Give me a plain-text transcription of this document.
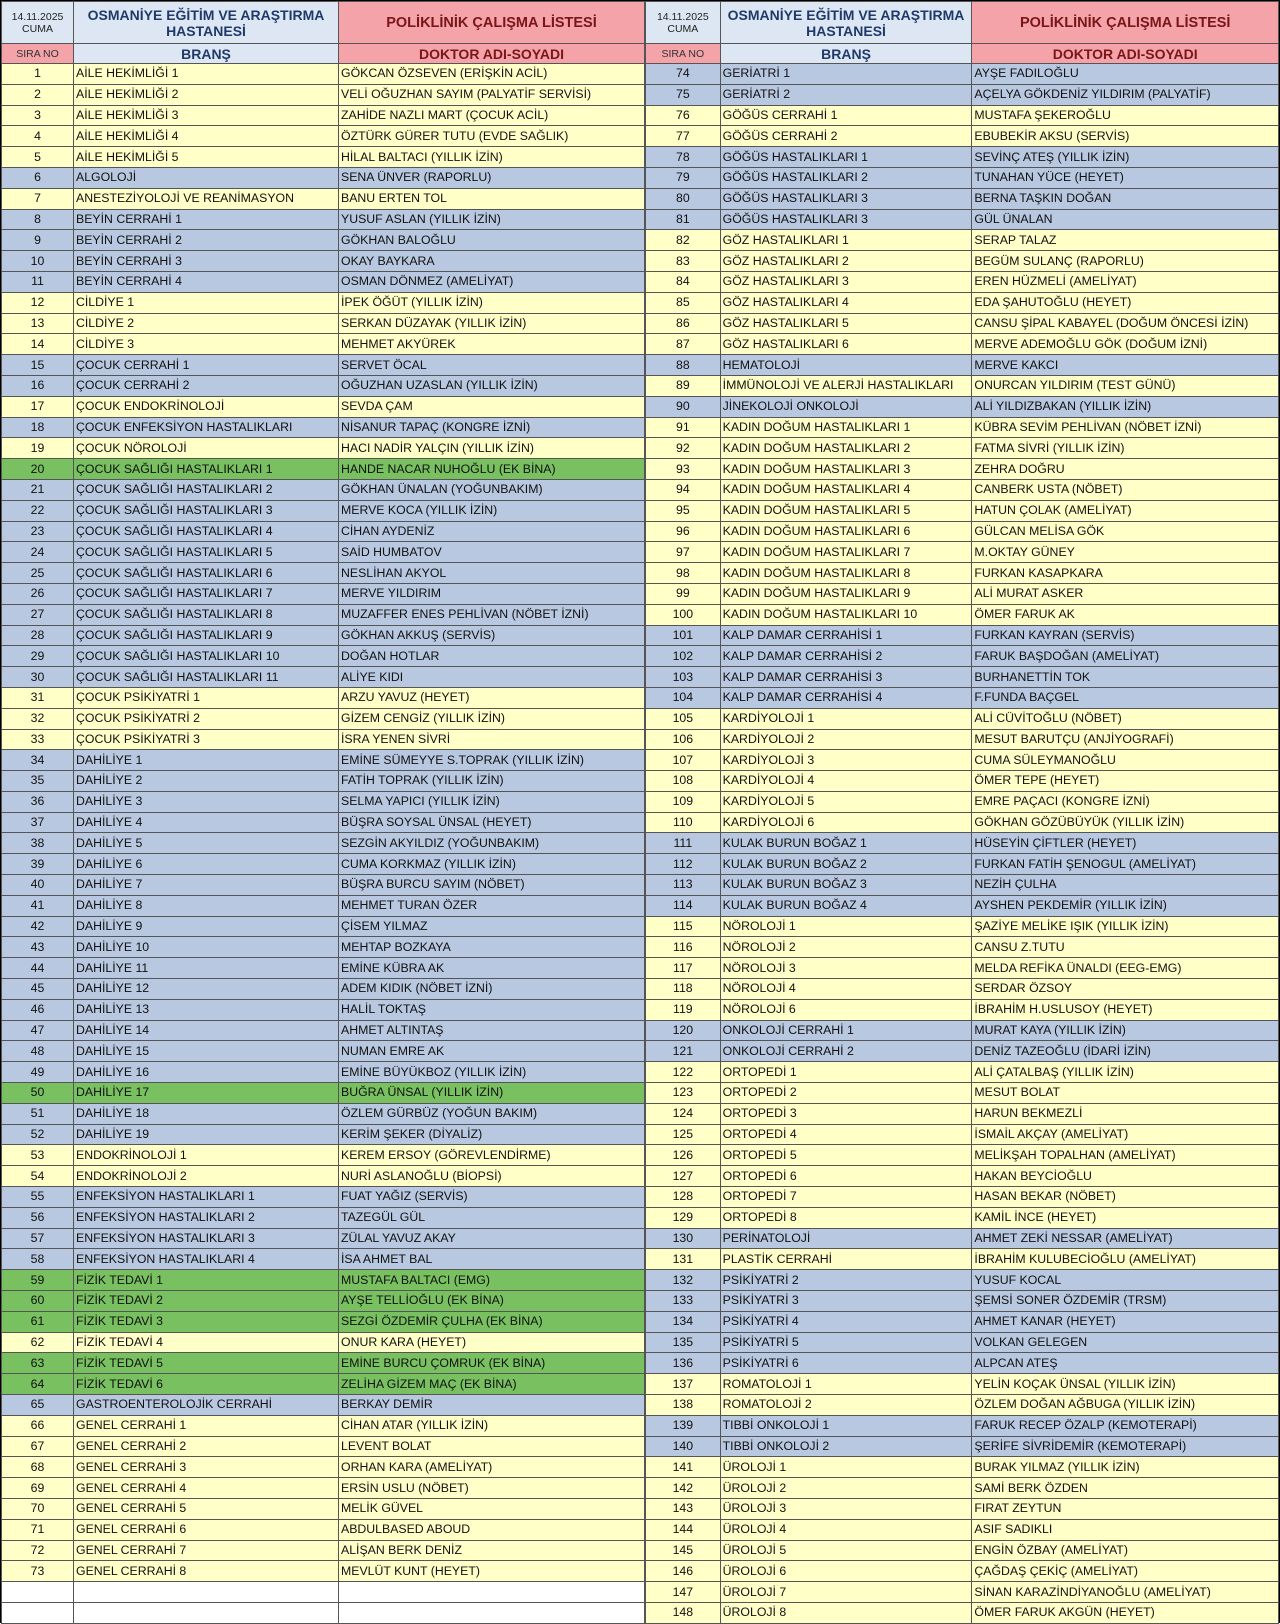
14.11.2025
CUMA	OSMANİYE EĞİTİM VE ARAŞTIRMA HASTANESİ	POLİKLİNİK ÇALIŞMA LİSTESİ
SIRA NO	BRANŞ	DOKTOR ADI-SOYADI
1	AİLE HEKİMLİĞİ 1	GÖKCAN ÖZSEVEN (ERİŞKİN ACİL)
2	AİLE HEKİMLİĞİ 2	VELİ OĞUZHAN SAYIM (PALYATİF SERVİSİ)
3	AİLE HEKİMLİĞİ 3	ZAHİDE NAZLI MART (ÇOCUK ACİL)
4	AİLE HEKİMLİĞİ 4	ÖZTÜRK GÜRER TUTU (EVDE SAĞLIK)
5	AİLE HEKİMLİĞİ 5	HİLAL BALTACI (YILLIK İZİN)
6	ALGOLOJİ	SENA ÜNVER (RAPORLU)
7	ANESTEZİYOLOJİ VE REANİMASYON	BANU ERTEN TOL
8	BEYİN CERRAHİ 1	YUSUF ASLAN (YILLIK İZİN)
9	BEYİN CERRAHİ 2	GÖKHAN BALOĞLU
10	BEYİN CERRAHİ 3	OKAY BAYKARA
11	BEYİN CERRAHİ 4	OSMAN DÖNMEZ (AMELİYAT)
12	CİLDİYE 1	İPEK ÖĞÜT (YILLIK İZİN)
13	CİLDİYE 2	SERKAN DÜZAYAK (YILLIK İZİN)
14	CİLDİYE 3	MEHMET AKYÜREK
15	ÇOCUK CERRAHİ 1	SERVET ÖCAL
16	ÇOCUK CERRAHİ 2	OĞUZHAN UZASLAN (YILLIK İZİN)
17	ÇOCUK ENDOKRİNOLOJİ	SEVDA ÇAM
18	ÇOCUK ENFEKSİYON HASTALIKLARI	NİSANUR TAPAÇ (KONGRE İZNİ)
19	ÇOCUK NÖROLOJİ	HACI NADİR YALÇIN (YILLIK İZİN)
20	ÇOCUK SAĞLIĞI HASTALIKLARI 1	HANDE NACAR NUHOĞLU (EK BİNA)
21	ÇOCUK SAĞLIĞI HASTALIKLARI 2	GÖKHAN ÜNALAN (YOĞUNBAKIM)
22	ÇOCUK SAĞLIĞI HASTALIKLARI 3	MERVE KOCA (YILLIK İZİN)
23	ÇOCUK SAĞLIĞI HASTALIKLARI 4	CİHAN AYDENİZ
24	ÇOCUK SAĞLIĞI HASTALIKLARI 5	SAİD HUMBATOV
25	ÇOCUK SAĞLIĞI HASTALIKLARI 6	NESLİHAN AKYOL
26	ÇOCUK SAĞLIĞI HASTALIKLARI 7	MERVE YILDIRIM
27	ÇOCUK SAĞLIĞI HASTALIKLARI 8	MUZAFFER ENES PEHLİVAN (NÖBET İZNİ)
28	ÇOCUK SAĞLIĞI HASTALIKLARI 9	GÖKHAN AKKUŞ (SERVİS)
29	ÇOCUK SAĞLIĞI HASTALIKLARI 10	DOĞAN HOTLAR
30	ÇOCUK SAĞLIĞI HASTALIKLARI 11	ALİYE KIDI
31	ÇOCUK PSİKİYATRİ 1	ARZU YAVUZ (HEYET)
32	ÇOCUK PSİKİYATRİ 2	GİZEM CENGİZ (YILLIK İZİN)
33	ÇOCUK PSİKİYATRİ 3	İSRA YENEN SİVRİ
34	DAHİLİYE 1	EMİNE SÜMEYYE S.TOPRAK (YILLIK İZİN)
35	DAHİLİYE 2	FATİH TOPRAK (YILLIK İZİN)
36	DAHİLİYE 3	SELMA YAPICI (YILLIK İZİN)
37	DAHİLİYE 4	BÜŞRA SOYSAL ÜNSAL (HEYET)
38	DAHİLİYE 5	SEZGİN AKYILDIZ (YOĞUNBAKIM)
39	DAHİLİYE 6	CUMA KORKMAZ (YILLIK İZİN)
40	DAHİLİYE 7	BÜŞRA BURCU SAYIM (NÖBET)
41	DAHİLİYE 8	MEHMET TURAN ÖZER
42	DAHİLİYE 9	ÇİSEM YILMAZ
43	DAHİLİYE 10	MEHTAP BOZKAYA
44	DAHİLİYE 11	EMİNE KÜBRA AK
45	DAHİLİYE 12	ADEM KIDIK (NÖBET İZNİ)
46	DAHİLİYE 13	HALİL TOKTAŞ
47	DAHİLİYE 14	AHMET ALTINTAŞ
48	DAHİLİYE 15	NUMAN EMRE AK
49	DAHİLİYE 16	EMİNE BÜYÜKBOZ (YILLIK İZİN)
50	DAHİLİYE 17	BUĞRA ÜNSAL (YILLIK İZİN)
51	DAHİLİYE 18	ÖZLEM GÜRBÜZ (YOĞUN BAKIM)
52	DAHİLİYE 19	KERİM ŞEKER (DİYALİZ)
53	ENDOKRİNOLOJİ 1	KEREM ERSOY (GÖREVLENDİRME)
54	ENDOKRİNOLOJİ 2	NURİ ASLANOĞLU (BİOPSİ)
55	ENFEKSİYON HASTALIKLARI 1	FUAT YAĞIZ (SERVİS)
56	ENFEKSİYON HASTALIKLARI 2	TAZEGÜL GÜL
57	ENFEKSİYON HASTALIKLARI 3	ZÜLAL YAVUZ AKAY
58	ENFEKSİYON HASTALIKLARI 4	İSA AHMET BAL
59	FİZİK TEDAVİ 1	MUSTAFA BALTACI (EMG)
60	FİZİK TEDAVİ 2	AYŞE TELLİOĞLU (EK BİNA)
61	FİZİK TEDAVİ 3	SEZGİ ÖZDEMİR ÇULHA (EK BİNA)
62	FİZİK TEDAVİ 4	ONUR KARA (HEYET)
63	FİZİK TEDAVİ 5	EMİNE BURCU ÇOMRUK (EK BİNA)
64	FİZİK TEDAVİ 6	ZELİHA GİZEM MAÇ (EK BİNA)
65	GASTROENTEROLOJİK CERRAHİ	BERKAY DEMİR
66	GENEL CERRAHİ 1	CİHAN ATAR (YILLIK İZİN)
67	GENEL CERRAHİ 2	LEVENT BOLAT
68	GENEL CERRAHİ 3	ORHAN KARA (AMELİYAT)
69	GENEL CERRAHİ 4	ERSİN USLU (NÖBET)
70	GENEL CERRAHİ 5	MELİK GÜVEL
71	GENEL CERRAHİ 6	ABDULBASED ABOUD
72	GENEL CERRAHİ 7	ALİŞAN BERK DENİZ
73	GENEL CERRAHİ 8	MEVLÜT KUNT (HEYET)

14.11.2025
CUMA	OSMANİYE EĞİTİM VE ARAŞTIRMA HASTANESİ	POLİKLİNİK ÇALIŞMA LİSTESİ
SIRA NO	BRANŞ	DOKTOR ADI-SOYADI
74	GERİATRİ 1	AYŞE FADILOĞLU
75	GERİATRİ 2	AÇELYA GÖKDENİZ YILDIRIM (PALYATİF)
76	GÖĞÜS CERRAHİ 1	MUSTAFA ŞEKEROĞLU
77	GÖĞÜS CERRAHİ 2	EBUBEKİR AKSU (SERVİS)
78	GÖĞÜS HASTALIKLARI 1	SEVİNÇ ATEŞ (YILLIK İZİN)
79	GÖĞÜS HASTALIKLARI 2	TUNAHAN YÜCE (HEYET)
80	GÖĞÜS HASTALIKLARI 3	BERNA TAŞKIN DOĞAN
81	GÖĞÜS HASTALIKLARI 3	GÜL ÜNALAN
82	GÖZ HASTALIKLARI 1	SERAP TALAZ
83	GÖZ HASTALIKLARI 2	BEGÜM SULANÇ (RAPORLU)
84	GÖZ HASTALIKLARI 3	EREN HÜZMELİ (AMELİYAT)
85	GÖZ HASTALIKLARI 4	EDA ŞAHUTOĞLU (HEYET)
86	GÖZ HASTALIKLARI 5	CANSU ŞİPAL KABAYEL (DOĞUM ÖNCESİ İZİN)
87	GÖZ HASTALIKLARI 6	MERVE ADEMOĞLU GÖK (DOĞUM İZNİ)
88	HEMATOLOJİ	MERVE KAKCI
89	İMMÜNOLOJİ VE ALERJİ HASTALIKLARI	ONURCAN YILDIRIM (TEST GÜNÜ)
90	JİNEKOLOJİ ONKOLOJİ	ALİ YILDIZBAKAN (YILLIK İZİN)
91	KADIN DOĞUM HASTALIKLARI 1	KÜBRA SEVİM PEHLİVAN (NÖBET İZNİ)
92	KADIN DOĞUM HASTALIKLARI 2	FATMA SİVRİ (YILLIK İZİN)
93	KADIN DOĞUM HASTALIKLARI 3	ZEHRA DOĞRU
94	KADIN DOĞUM HASTALIKLARI 4	CANBERK USTA (NÖBET)
95	KADIN DOĞUM HASTALIKLARI 5	HATUN ÇOLAK (AMELİYAT)
96	KADIN DOĞUM HASTALIKLARI 6	GÜLCAN MELİSA GÖK
97	KADIN DOĞUM HASTALIKLARI 7	M.OKTAY GÜNEY
98	KADIN DOĞUM HASTALIKLARI 8	FURKAN KASAPKARA
99	KADIN DOĞUM HASTALIKLARI 9	ALİ MURAT ASKER
100	KADIN DOĞUM HASTALIKLARI 10	ÖMER FARUK AK
101	KALP DAMAR CERRAHİSİ 1	FURKAN KAYRAN (SERVİS)
102	KALP DAMAR CERRAHİSİ 2	FARUK BAŞDOĞAN (AMELİYAT)
103	KALP DAMAR CERRAHİSİ 3	BURHANETTİN TOK
104	KALP DAMAR CERRAHİSİ 4	F.FUNDA BAÇGEL
105	KARDİYOLOJİ 1	ALİ CÜVİTOĞLU (NÖBET)
106	KARDİYOLOJİ 2	MESUT BARUTÇU (ANJİYOGRAFİ)
107	KARDİYOLOJİ 3	CUMA SÜLEYMANOĞLU
108	KARDİYOLOJİ 4	ÖMER TEPE (HEYET)
109	KARDİYOLOJİ 5	EMRE PAÇACI (KONGRE İZNİ)
110	KARDİYOLOJİ 6	GÖKHAN GÖZÜBÜYÜK (YILLIK İZİN)
111	KULAK BURUN BOĞAZ 1	HÜSEYİN ÇİFTLER (HEYET)
112	KULAK BURUN BOĞAZ 2	FURKAN FATİH ŞENOGUL (AMELİYAT)
113	KULAK BURUN BOĞAZ 3	NEZİH ÇULHA
114	KULAK BURUN BOĞAZ 4	AYSHEN PEKDEMİR (YILLIK İZİN)
115	NÖROLOJİ 1	ŞAZİYE MELİKE IŞIK (YILLIK İZİN)
116	NÖROLOJİ 2	CANSU Z.TUTU
117	NÖROLOJİ 3	MELDA REFİKA ÜNALDI (EEG-EMG)
118	NÖROLOJİ 4	SERDAR ÖZSOY
119	NÖROLOJİ 6	İBRAHİM H.USLUSOY (HEYET)
120	ONKOLOJİ CERRAHİ 1	MURAT KAYA (YILLIK İZİN)
121	ONKOLOJİ CERRAHİ 2	DENİZ TAZEOĞLU (İDARİ İZİN)
122	ORTOPEDİ 1	ALİ ÇATALBAŞ (YILLIK İZİN)
123	ORTOPEDİ 2	MESUT BOLAT
124	ORTOPEDİ 3	HARUN BEKMEZLİ
125	ORTOPEDİ 4	İSMAİL AKÇAY (AMELİYAT)
126	ORTOPEDİ 5	MELİKŞAH TOPALHAN (AMELİYAT)
127	ORTOPEDİ 6	HAKAN BEYCİOĞLU
128	ORTOPEDİ 7	HASAN BEKAR (NÖBET)
129	ORTOPEDİ 8	KAMİL İNCE (HEYET)
130	PERİNATOLOJİ	AHMET ZEKİ NESSAR (AMELİYAT)
131	PLASTİK CERRAHİ	İBRAHİM KULUBECİOĞLU (AMELİYAT)
132	PSİKİYATRİ 2	YUSUF KOCAL
133	PSİKİYATRİ 3	ŞEMSİ SONER ÖZDEMİR (TRSM)
134	PSİKİYATRİ 4	AHMET KANAR (HEYET)
135	PSİKİYATRİ 5	VOLKAN GELEGEN
136	PSİKİYATRİ 6	ALPCAN ATEŞ
137	ROMATOLOJİ 1	YELİN KOÇAK ÜNSAL (YILLIK İZİN)
138	ROMATOLOJİ 2	ÖZLEM DOĞAN AĞBUGA (YILLIK İZİN)
139	TIBBİ ONKOLOJİ 1	FARUK RECEP ÖZALP (KEMOTERAPİ)
140	TIBBİ ONKOLOJİ 2	ŞERİFE SİVRİDEMİR (KEMOTERAPİ)
141	ÜROLOJİ 1	BURAK YILMAZ (YILLIK İZİN)
142	ÜROLOJİ 2	SAMİ BERK ÖZDEN
143	ÜROLOJİ 3	FIRAT ZEYTUN
144	ÜROLOJİ 4	ASIF SADIKLI
145	ÜROLOJİ 5	ENGİN ÖZBAY (AMELİYAT)
146	ÜROLOJİ 6	ÇAĞDAŞ ÇEKİÇ (AMELİYAT)
147	ÜROLOJİ 7	SİNAN KARAZİNDİYANOĞLU (AMELİYAT)
148	ÜROLOJİ 8	ÖMER FARUK AKGÜN (HEYET)
